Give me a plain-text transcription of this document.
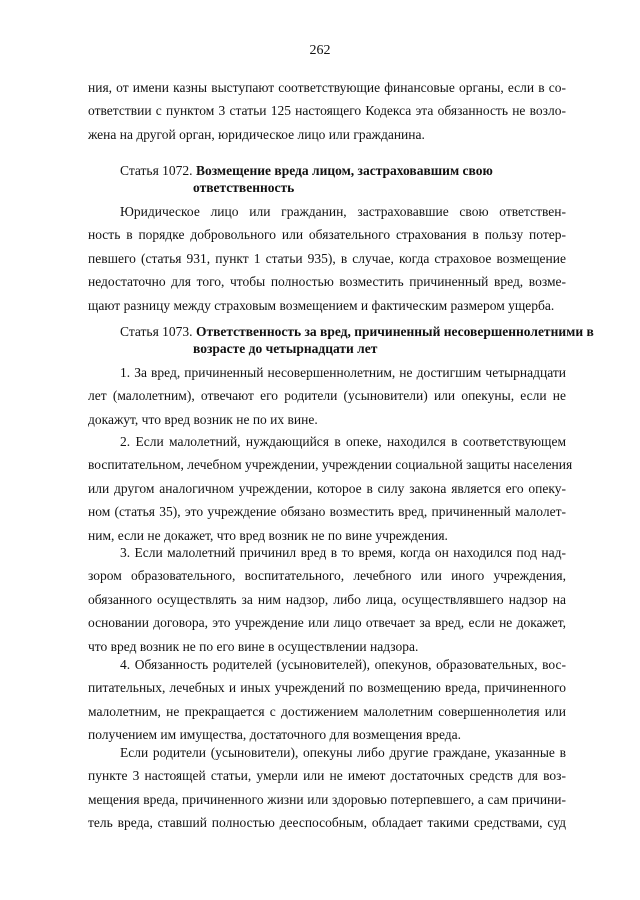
262
ния, от имени казны выступают соответствующие финансовые органы, если в со-
ответствии с пунктом 3 статьи 125 настоящего Кодекса эта обязанность не возло-
жена на другой орган, юридическое лицо или гражданина.
Статья 1072. Возмещение вреда лицом, застраховавшим свою
ответственность
Юридическое лицо или гражданин, застраховавшие свою ответствен-
ность в порядке добровольного или обязательного страхования в пользу потер-
певшего (статья 931, пункт 1 статьи 935), в случае, когда страховое возмещение
недостаточно для того, чтобы полностью возместить причиненный вред, возме-
щают разницу между страховым возмещением и фактическим размером ущерба.
Статья 1073. Ответственность за вред, причиненный несовершеннолетними в
возрасте до четырнадцати лет
1. За вред, причиненный несовершеннолетним, не достигшим четырнадцати
лет (малолетним), отвечают его родители (усыновители) или опекуны, если не
докажут, что вред возник не по их вине.
2. Если малолетний, нуждающийся в опеке, находился в соответствующем
воспитательном, лечебном учреждении, учреждении социальной защиты населения
или другом аналогичном учреждении, которое в силу закона является его опеку-
ном (статья 35), это учреждение обязано возместить вред, причиненный малолет-
ним, если не докажет, что вред возник не по вине учреждения.
3. Если малолетний причинил вред в то время, когда он находился под над-
зором образовательного, воспитательного, лечебного или иного учреждения,
обязанного осуществлять за ним надзор, либо лица, осуществлявшего надзор на
основании договора, это учреждение или лицо отвечает за вред, если не докажет,
что вред возник не по его вине в осуществлении надзора.
4. Обязанность родителей (усыновителей), опекунов, образовательных, вос-
питательных, лечебных и иных учреждений по возмещению вреда, причиненного
малолетним, не прекращается с достижением малолетним совершеннолетия или
получением им имущества, достаточного для возмещения вреда.
Если родители (усыновители), опекуны либо другие граждане, указанные в
пункте 3 настоящей статьи, умерли или не имеют достаточных средств для воз-
мещения вреда, причиненного жизни или здоровью потерпевшего, а сам причини-
тель вреда, ставший полностью дееспособным, обладает такими средствами, суд
